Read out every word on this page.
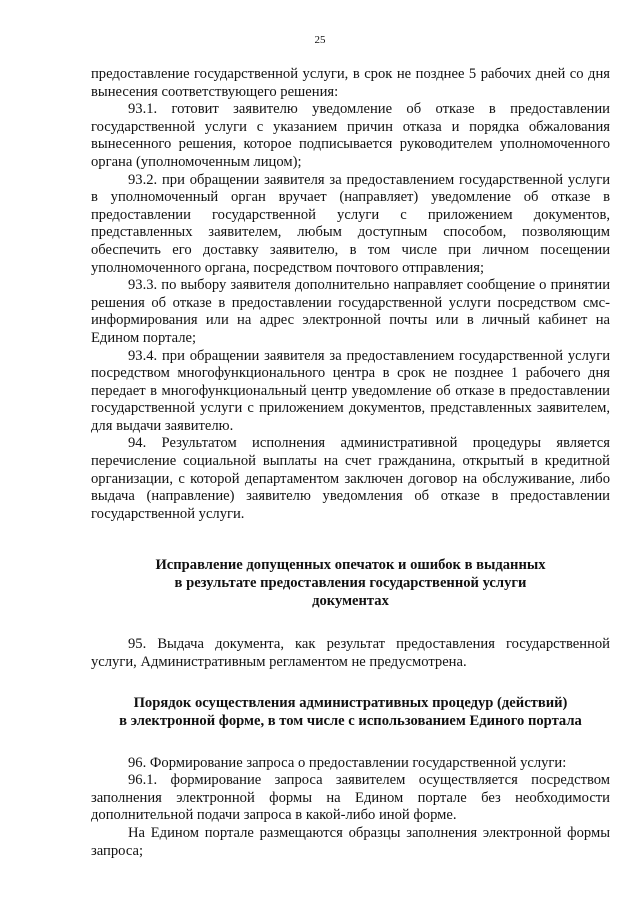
25

предоставление государственной услуги, в срок не позднее 5 рабочих дней со дня вынесения соответствующего решения:

93.1. готовит заявителю уведомление об отказе в предоставлении государственной услуги с указанием причин отказа и порядка обжалования вынесенного решения, которое подписывается руководителем уполномоченного органа (уполномоченным лицом);

93.2. при обращении заявителя за предоставлением государственной услуги в уполномоченный орган вручает (направляет) уведомление об отказе в предоставлении государственной услуги с приложением документов, представленных заявителем, любым доступным способом, позволяющим обеспечить его доставку заявителю, в том числе при личном посещении уполномоченного органа, посредством почтового отправления;

93.3. по выбору заявителя дополнительно направляет сообщение о принятии решения об отказе в предоставлении государственной услуги посредством смс-информирования или на адрес электронной почты или в личный кабинет на Едином портале;

93.4. при обращении заявителя за предоставлением государственной услуги посредством многофункционального центра в срок не позднее 1 рабочего дня передает в многофункциональный центр уведомление об отказе в предоставлении государственной услуги с приложением документов, представленных заявителем, для выдачи заявителю.

94. Результатом исполнения административной процедуры является перечисление социальной выплаты на счет гражданина, открытый в кредитной организации, с которой департаментом заключен договор на обслуживание, либо выдача (направление) заявителю уведомления об отказе в предоставлении государственной услуги.

Исправление допущенных опечаток и ошибок в выданных
в результате предоставления государственной услуги
документах

95. Выдача документа, как результат предоставления государственной услуги, Административным регламентом не предусмотрена.

Порядок осуществления административных процедур (действий)
в электронной форме, в том числе с использованием Единого портала

96. Формирование запроса о предоставлении государственной услуги:

96.1. формирование запроса заявителем осуществляется посредством заполнения электронной формы на Едином портале без необходимости дополнительной подачи запроса в какой-либо иной форме.

На Едином портале размещаются образцы заполнения электронной формы запроса;
